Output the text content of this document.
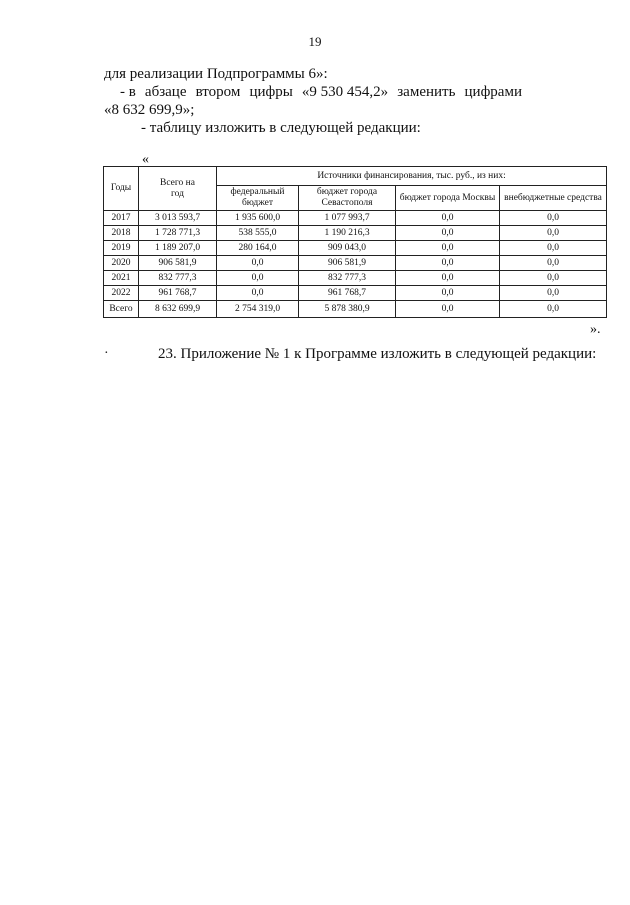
19
для реализации Подпрограммы 6»:
- в абзаце втором цифры «9 530 454,2» заменить цифрами
«8 632 699,9»;
- таблицу изложить в следующей редакции:
«
Годы	Всего на год	Источники финансирования, тыс. руб., из них:			
		федеральный бюджет	бюджет города Севастополя	бюджет города Москвы	внебюджетные средства
2017	3 013 593,7	1 935 600,0	1 077 993,7	0,0	0,0
2018	1 728 771,3	538 555,0	1 190 216,3	0,0	0,0
2019	1 189 207,0	280 164,0	909 043,0	0,0	0,0
2020	906 581,9	0,0	906 581,9	0,0	0,0
2021	832 777,3	0,0	832 777,3	0,0	0,0
2022	961 768,7	0,0	961 768,7	0,0	0,0
Всего	8 632 699,9	2 754 319,0	5 878 380,9	0,0	0,0
».
·	23. Приложение № 1 к Программе изложить в следующей редакции:
